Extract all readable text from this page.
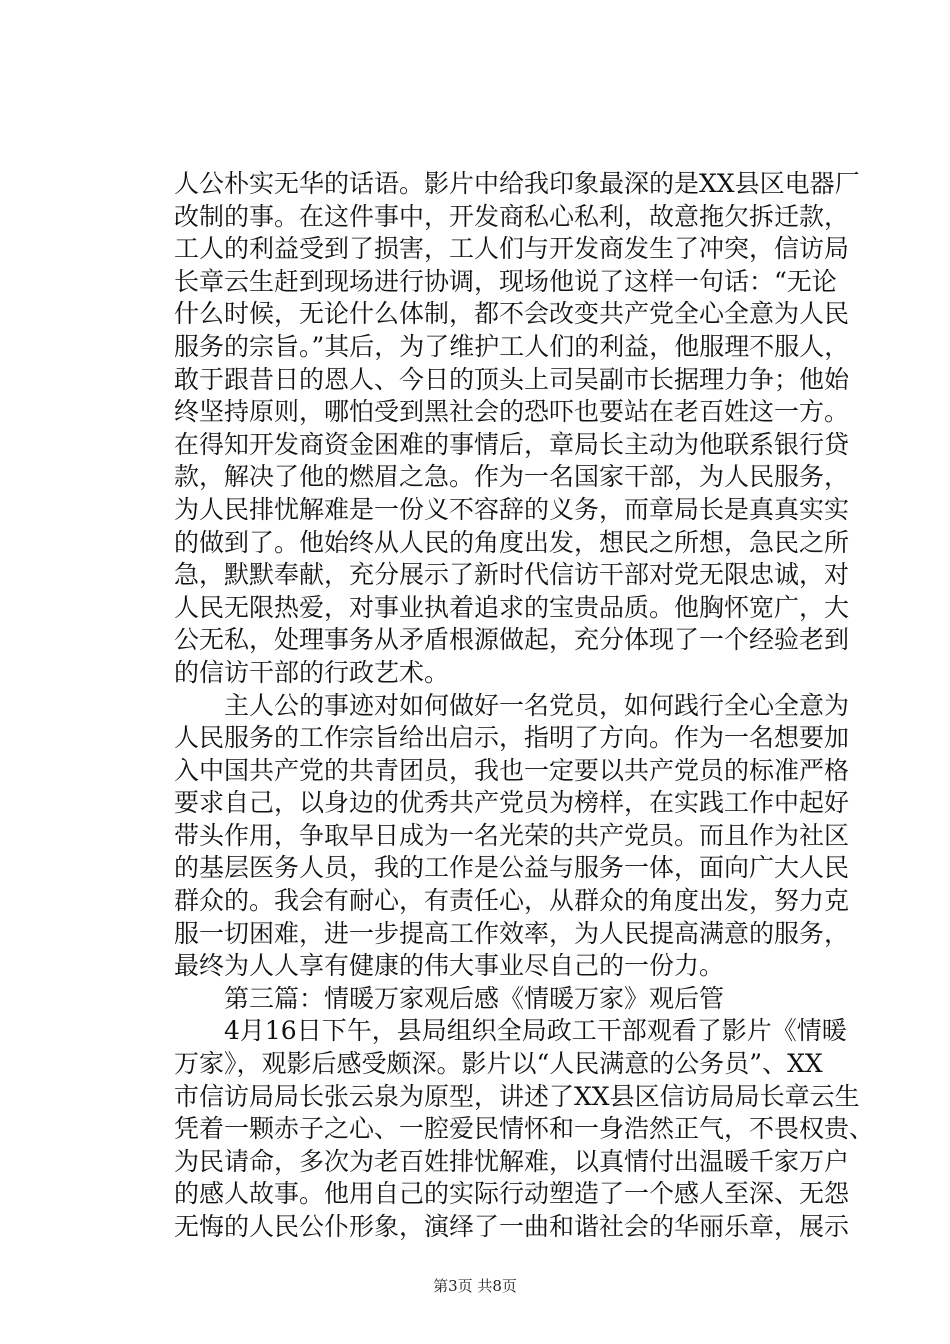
人公朴实无华的话语。影片中给我印象最深的是XX县区电器厂
改制的事。在这件事中，开发商私心私利，故意拖欠拆迁款，
工人的利益受到了损害，工人们与开发商发生了冲突，信访局
长章云生赶到现场进行协调，现场他说了这样一句话：“无论
什么时候，无论什么体制，都不会改变共产党全心全意为人民
服务的宗旨。”其后，为了维护工人们的利益，他服理不服人，
敢于跟昔日的恩人、今日的顶头上司吴副市长据理力争；他始
终坚持原则，哪怕受到黑社会的恐吓也要站在老百姓这一方。
在得知开发商资金困难的事情后，章局长主动为他联系银行贷
款，解决了他的燃眉之急。作为一名国家干部，为人民服务，
为人民排忧解难是一份义不容辞的义务，而章局长是真真实实
的做到了。他始终从人民的角度出发，想民之所想，急民之所
急，默默奉献，充分展示了新时代信访干部对党无限忠诚，对
人民无限热爱，对事业执着追求的宝贵品质。他胸怀宽广，大
公无私，处理事务从矛盾根源做起，充分体现了一个经验老到
的信访干部的行政艺术。
　　主人公的事迹对如何做好一名党员，如何践行全心全意为
人民服务的工作宗旨给出启示，指明了方向。作为一名想要加
入中国共产党的共青团员，我也一定要以共产党员的标准严格
要求自己，以身边的优秀共产党员为榜样，在实践工作中起好
带头作用，争取早日成为一名光荣的共产党员。而且作为社区
的基层医务人员，我的工作是公益与服务一体，面向广大人民
群众的。我会有耐心，有责任心，从群众的角度出发，努力克
服一切困难，进一步提高工作效率，为人民提高满意的服务，
最终为人人享有健康的伟大事业尽自己的一份力。
　　第三篇：情暖万家观后感《情暖万家》观后管
　　4月16日下午，县局组织全局政工干部观看了影片《情暖
万家》，观影后感受颇深。影片以“人民满意的公务员”、XX
市信访局局长张云泉为原型，讲述了XX县区信访局局长章云生
凭着一颗赤子之心、一腔爱民情怀和一身浩然正气，不畏权贵、
为民请命，多次为老百姓排忧解难，以真情付出温暖千家万户
的感人故事。他用自己的实际行动塑造了一个感人至深、无怨
无悔的人民公仆形象，演绎了一曲和谐社会的华丽乐章，展示
第3页 共8页
